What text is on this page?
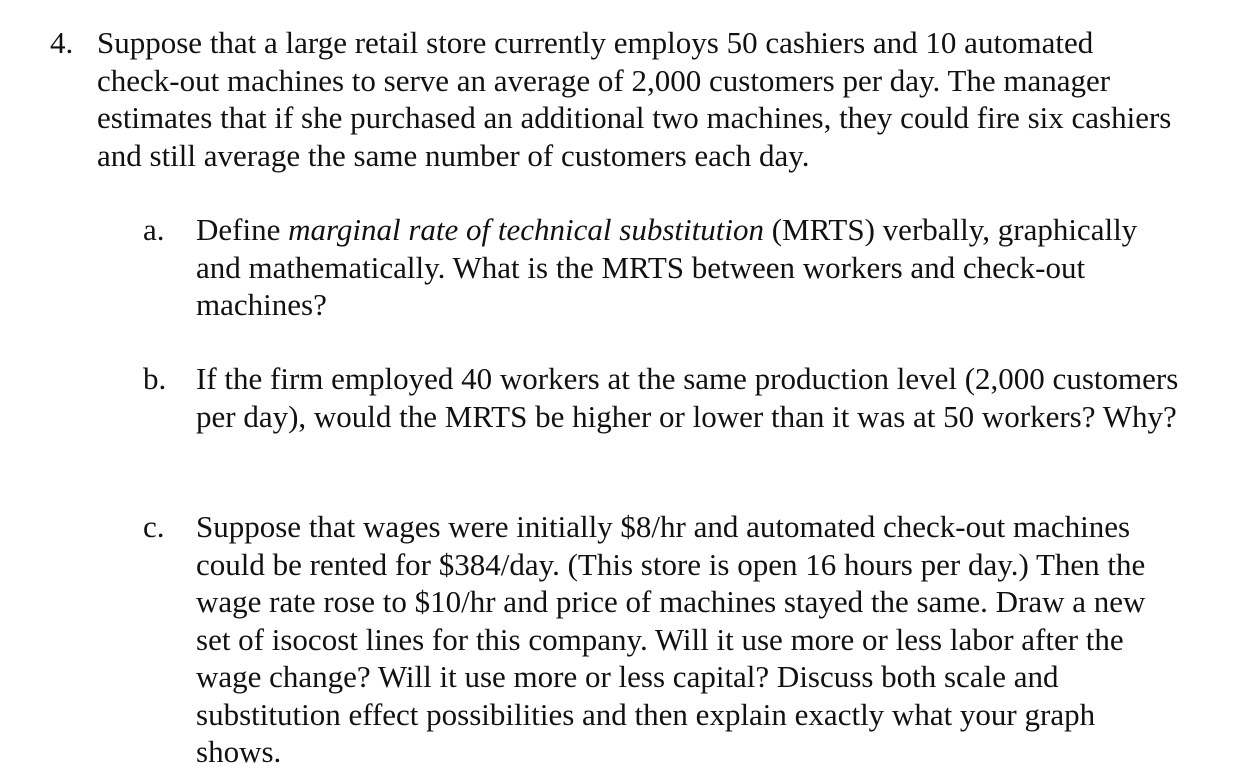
4. Suppose that a large retail store currently employs 50 cashiers and 10 automated check-out machines to serve an average of 2,000 customers per day. The manager estimates that if she purchased an additional two machines, they could fire six cashiers and still average the same number of customers each day.
a.	Define marginal rate of technical substitution (MRTS) verbally, graphically and mathematically. What is the MRTS between workers and check-out machines?
b. If the firm employed 40 workers at the same production level (2,000 customers per day), would the MRTS be higher or lower than it was at 50 workers? Why?
c.	Suppose that wages were initially $8/hr and automated check-out machines could be rented for $384/day. (This store is open 16 hours per day.) Then the wage rate rose to $10/hr and price of machines stayed the same. Draw a new set of isocost lines for this company. Will it use more or less labor after the wage change? Will it use more or less capital? Discuss both scale and substitution effect possibilities and then explain exactly what your graph shows.
